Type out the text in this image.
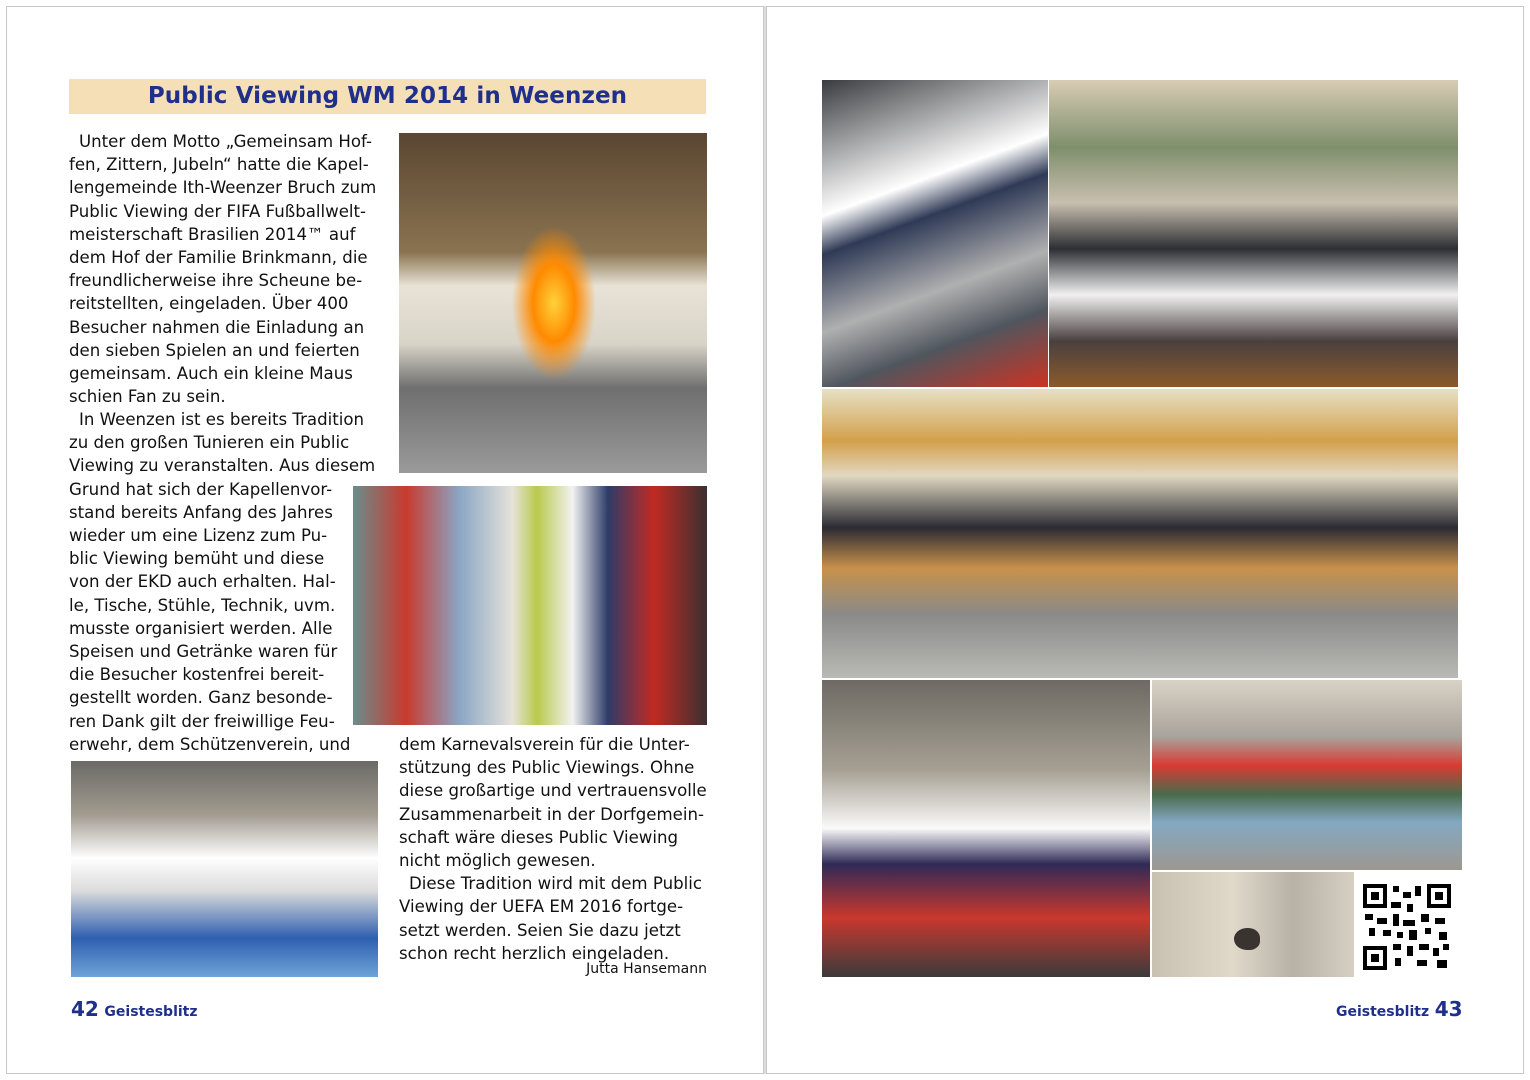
Public Viewing WM 2014 in Weenzen

Unter dem Motto „Gemeinsam Hof-

fen, Zittern, Jubeln“ hatte die Kapel-

lengemeinde Ith-Weenzer Bruch zum

Public Viewing der FIFA Fußballwelt-

meisterschaft Brasilien 2014™ auf

dem Hof der Familie Brinkmann, die

freundlicherweise ihre Scheune be-

reitstellten, eingeladen. Über 400

Besucher nahmen die Einladung an

den sieben Spielen an und feierten

gemeinsam. Auch ein kleine Maus

schien Fan zu sein.

In Weenzen ist es bereits Tradition

zu den großen Tunieren ein Public

Viewing zu veranstalten. Aus diesem

Grund hat sich der Kapellenvor-

stand bereits Anfang des Jahres

wieder um eine Lizenz zum Pu-

blic Viewing bemüht und diese

von der EKD auch erhalten. Hal-

le, Tische, Stühle, Technik, uvm.

musste organisiert werden. Alle

Speisen und Getränke waren für

die Besucher kostenfrei bereit-

gestellt worden. Ganz besonde-

ren Dank gilt der freiwillige Feu-

erwehr, dem Schützenverein, und	dem Karnevalsverein für die Unter-

stützung des Public Viewings. Ohne

diese großartige und vertrauensvolle

Zusammenarbeit in der Dorfgemein-

schaft wäre dieses Public Viewing

nicht möglich gewesen.

Diese Tradition wird mit dem Public

Viewing der UEFA EM 2016 fortge-

setzt werden. Seien Sie dazu jetzt

schon recht herzlich eingeladen.

Jutta Hansemann
42 Geistesblitz	Geistesblitz 43
